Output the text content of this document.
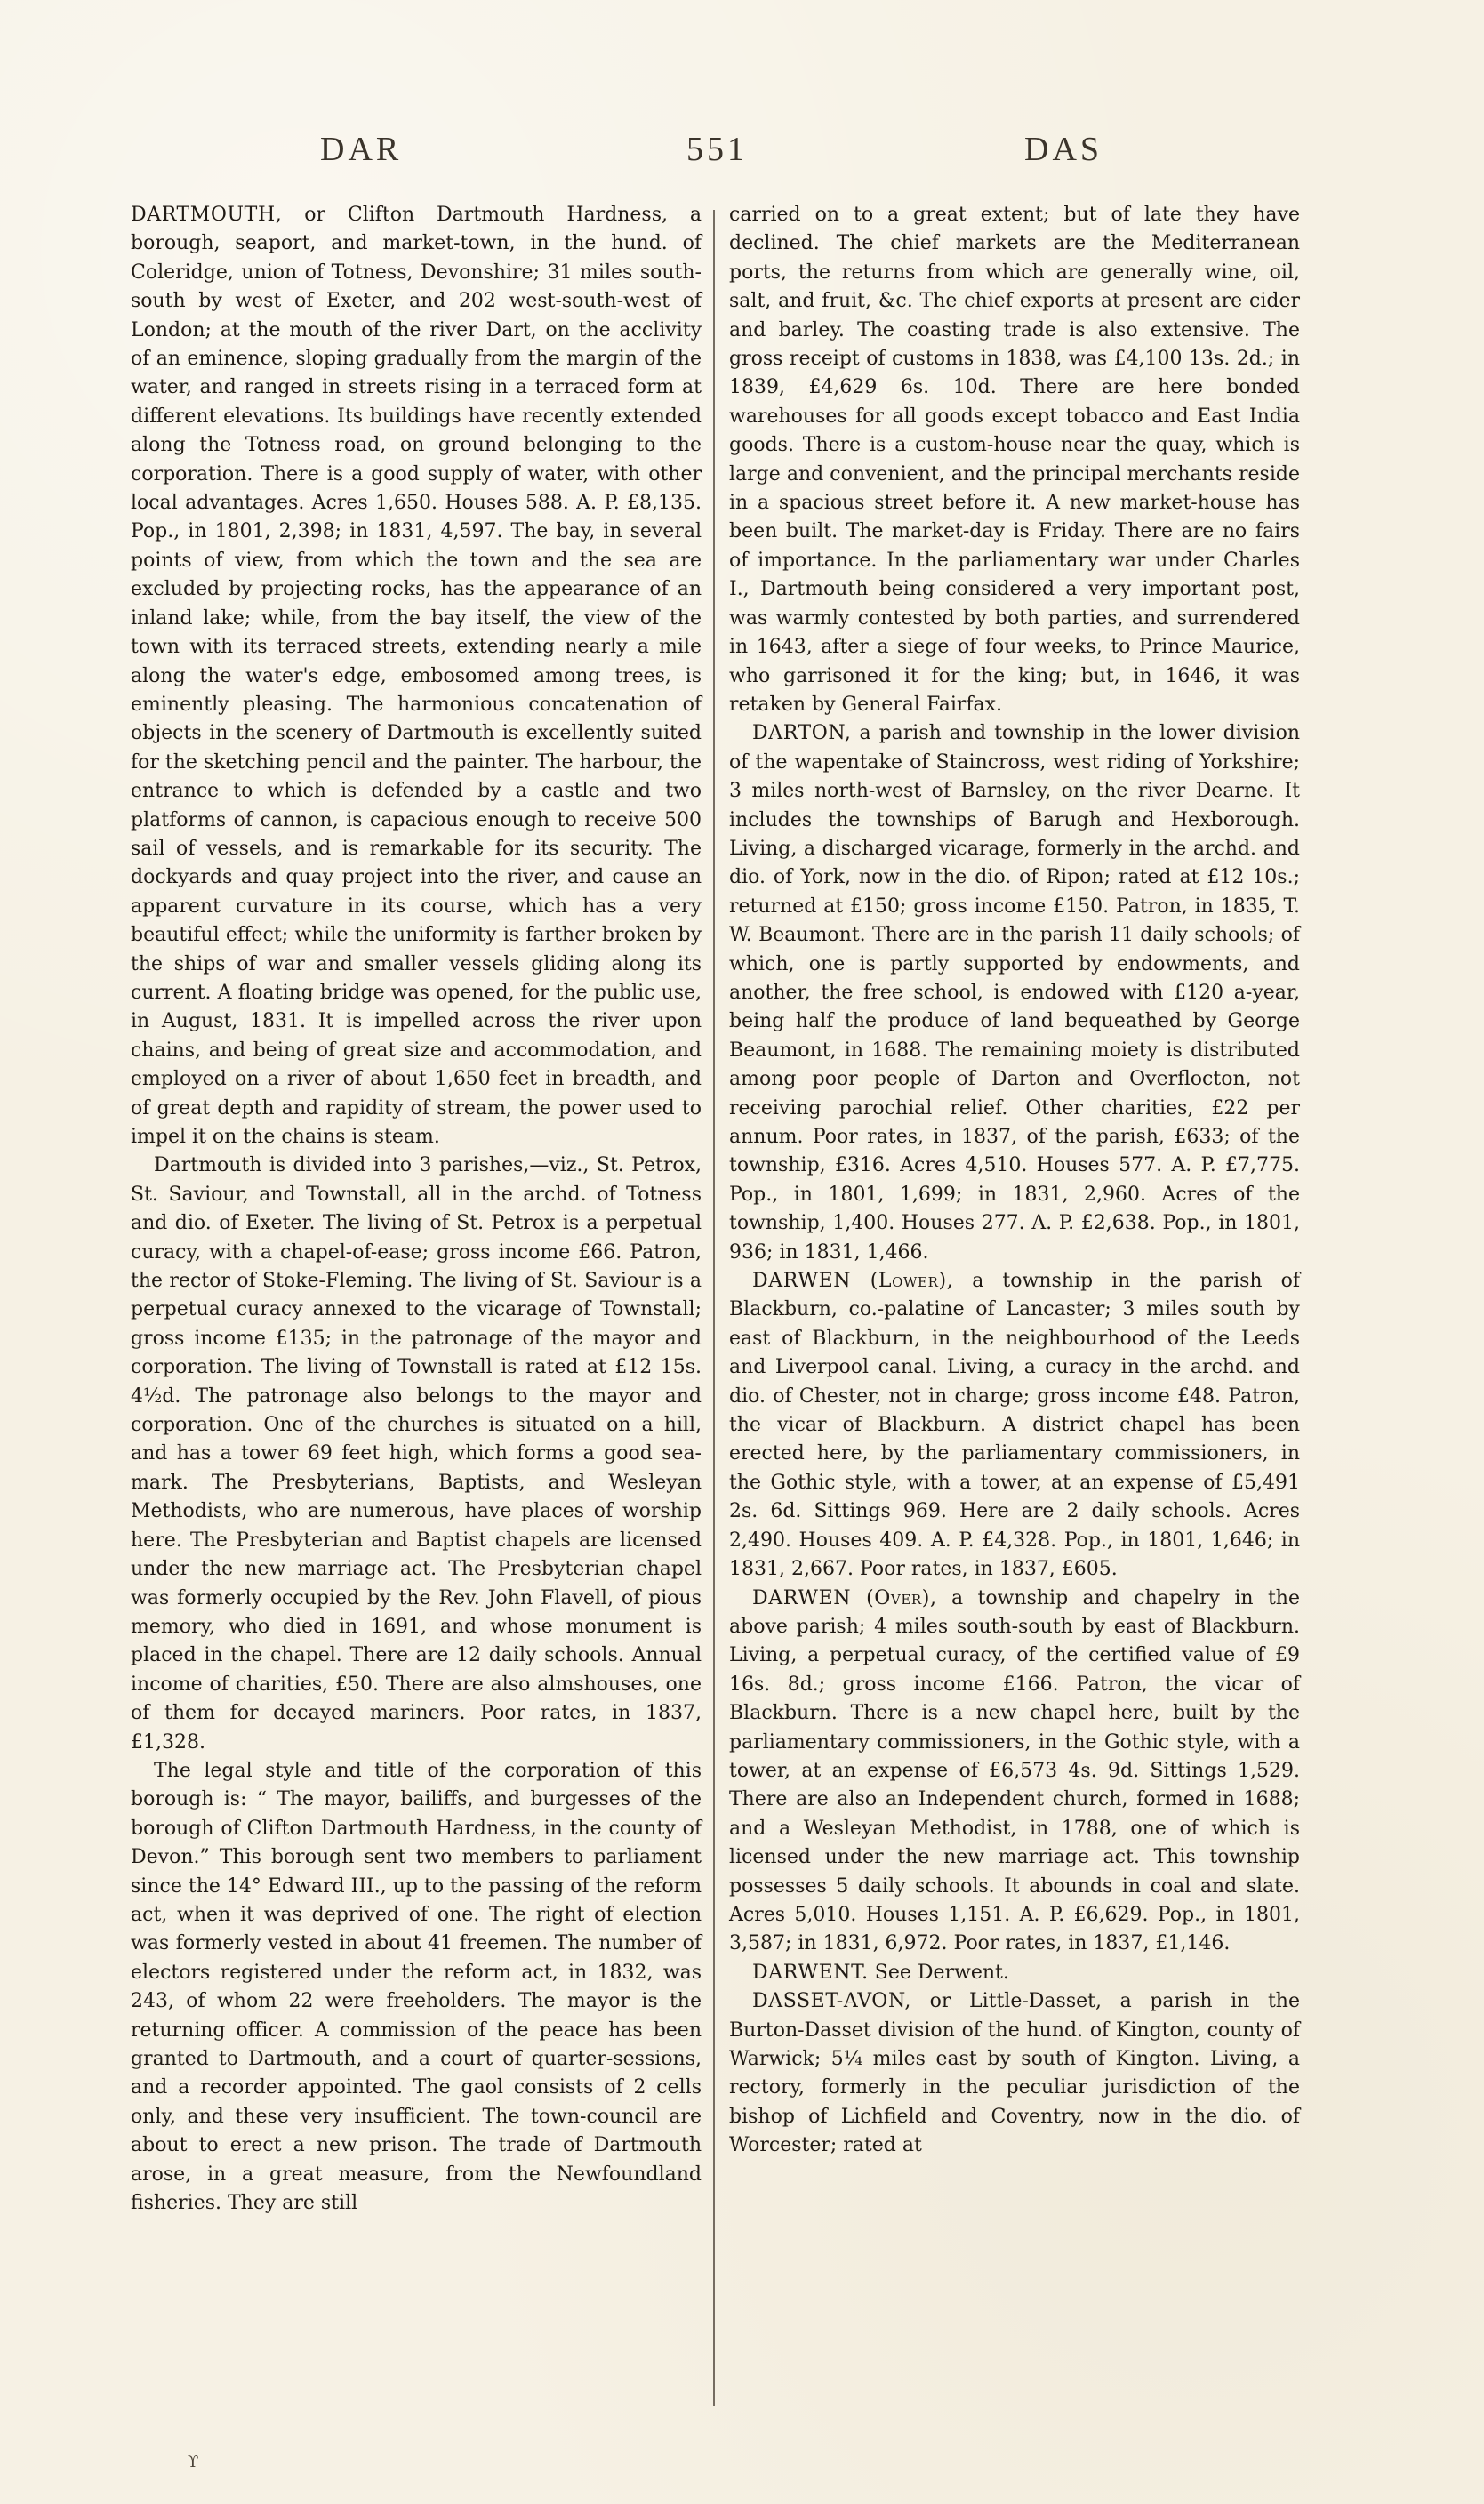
DAR	551	DAS

DARTMOUTH, or Clifton Dartmouth Hardness, a borough, seaport, and market-town, in the hund. of Coleridge, union of Totness, Devonshire; 31 miles south-south by west of Exeter, and 202 west-south-west of London; at the mouth of the river Dart, on the acclivity of an eminence, sloping gradually from the margin of the water, and ranged in streets rising in a terraced form at different elevations. Its buildings have recently extended along the Totness road, on ground belonging to the corporation. There is a good supply of water, with other local advantages. Acres 1,650. Houses 588. A. P. £8,135. Pop., in 1801, 2,398; in 1831, 4,597. The bay, in several points of view, from which the town and the sea are excluded by projecting rocks, has the appearance of an inland lake; while, from the bay itself, the view of the town with its terraced streets, extending nearly a mile along the water's edge, embosomed among trees, is eminently pleasing. The harmonious concatenation of objects in the scenery of Dartmouth is excellently suited for the sketching pencil and the painter. The harbour, the entrance to which is defended by a castle and two platforms of cannon, is capacious enough to receive 500 sail of vessels, and is remarkable for its security. The dockyards and quay project into the river, and cause an apparent curvature in its course, which has a very beautiful effect; while the uniformity is farther broken by the ships of war and smaller vessels gliding along its current. A floating bridge was opened, for the public use, in August, 1831. It is impelled across the river upon chains, and being of great size and accommodation, and employed on a river of about 1,650 feet in breadth, and of great depth and rapidity of stream, the power used to impel it on the chains is steam.

Dartmouth is divided into 3 parishes,—viz., St. Petrox, St. Saviour, and Townstall, all in the archd. of Totness and dio. of Exeter. The living of St. Petrox is a perpetual curacy, with a chapel-of-ease; gross income £66. Patron, the rector of Stoke-Fleming. The living of St. Saviour is a perpetual curacy annexed to the vicarage of Townstall; gross income £135; in the patronage of the mayor and corporation. The living of Townstall is rated at £12 15s. 4½d. The patronage also belongs to the mayor and corporation. One of the churches is situated on a hill, and has a tower 69 feet high, which forms a good sea-mark. The Presbyterians, Baptists, and Wesleyan Methodists, who are numerous, have places of worship here. The Presbyterian and Baptist chapels are licensed under the new marriage act. The Presbyterian chapel was formerly occupied by the Rev. John Flavell, of pious memory, who died in 1691, and whose monument is placed in the chapel. There are 12 daily schools. Annual income of charities, £50. There are also almshouses, one of them for decayed mariners. Poor rates, in 1837, £1,328.

The legal style and title of the corporation of this borough is: “ The mayor, bailiffs, and burgesses of the borough of Clifton Dartmouth Hardness, in the county of Devon.” This borough sent two members to parliament since the 14° Edward III., up to the passing of the reform act, when it was deprived of one. The right of election was formerly vested in about 41 freemen. The number of electors registered under the reform act, in 1832, was 243, of whom 22 were freeholders. The mayor is the returning officer. A commission of the peace has been granted to Dartmouth, and a court of quarter-sessions, and a recorder appointed. The gaol consists of 2 cells only, and these very insufficient. The town-council are about to erect a new prison. The trade of Dartmouth arose, in a great measure, from the Newfoundland fisheries. They are still

carried on to a great extent; but of late they have declined. The chief markets are the Mediterranean ports, the returns from which are generally wine, oil, salt, and fruit, &c. The chief exports at present are cider and barley. The coasting trade is also extensive. The gross receipt of customs in 1838, was £4,100 13s. 2d.; in 1839, £4,629 6s. 10d. There are here bonded warehouses for all goods except tobacco and East India goods. There is a custom-house near the quay, which is large and convenient, and the principal merchants reside in a spacious street before it. A new market-house has been built. The market-day is Friday. There are no fairs of importance. In the parliamentary war under Charles I., Dartmouth being considered a very important post, was warmly contested by both parties, and surrendered in 1643, after a siege of four weeks, to Prince Maurice, who garrisoned it for the king; but, in 1646, it was retaken by General Fairfax.

DARTON, a parish and township in the lower division of the wapentake of Staincross, west riding of Yorkshire; 3 miles north-west of Barnsley, on the river Dearne. It includes the townships of Barugh and Hexborough. Living, a discharged vicarage, formerly in the archd. and dio. of York, now in the dio. of Ripon; rated at £12 10s.; returned at £150; gross income £150. Patron, in 1835, T. W. Beaumont. There are in the parish 11 daily schools; of which, one is partly supported by endowments, and another, the free school, is endowed with £120 a-year, being half the produce of land bequeathed by George Beaumont, in 1688. The remaining moiety is distributed among poor people of Darton and Overflocton, not receiving parochial relief. Other charities, £22 per annum. Poor rates, in 1837, of the parish, £633; of the township, £316. Acres 4,510. Houses 577. A. P. £7,775. Pop., in 1801, 1,699; in 1831, 2,960. Acres of the township, 1,400. Houses 277. A. P. £2,638. Pop., in 1801, 936; in 1831, 1,466.

DARWEN (Lower), a township in the parish of Blackburn, co.-palatine of Lancaster; 3 miles south by east of Blackburn, in the neighbourhood of the Leeds and Liverpool canal. Living, a curacy in the archd. and dio. of Chester, not in charge; gross income £48. Patron, the vicar of Blackburn. A district chapel has been erected here, by the parliamentary commissioners, in the Gothic style, with a tower, at an expense of £5,491 2s. 6d. Sittings 969. Here are 2 daily schools. Acres 2,490. Houses 409. A. P. £4,328. Pop., in 1801, 1,646; in 1831, 2,667. Poor rates, in 1837, £605.

DARWEN (Over), a township and chapelry in the above parish; 4 miles south-south by east of Blackburn. Living, a perpetual curacy, of the certified value of £9 16s. 8d.; gross income £166. Patron, the vicar of Blackburn. There is a new chapel here, built by the parliamentary commissioners, in the Gothic style, with a tower, at an expense of £6,573 4s. 9d. Sittings 1,529. There are also an Independent church, formed in 1688; and a Wesleyan Methodist, in 1788, one of which is licensed under the new marriage act. This township possesses 5 daily schools. It abounds in coal and slate. Acres 5,010. Houses 1,151. A. P. £6,629. Pop., in 1801, 3,587; in 1831, 6,972. Poor rates, in 1837, £1,146.

DARWENT. See Derwent.

DASSET-AVON, or Little-Dasset, a parish in the Burton-Dasset division of the hund. of Kington, county of Warwick; 5¼ miles east by south of Kington. Living, a rectory, formerly in the peculiar jurisdiction of the bishop of Lichfield and Coventry, now in the dio. of Worcester; rated at

ϒ
